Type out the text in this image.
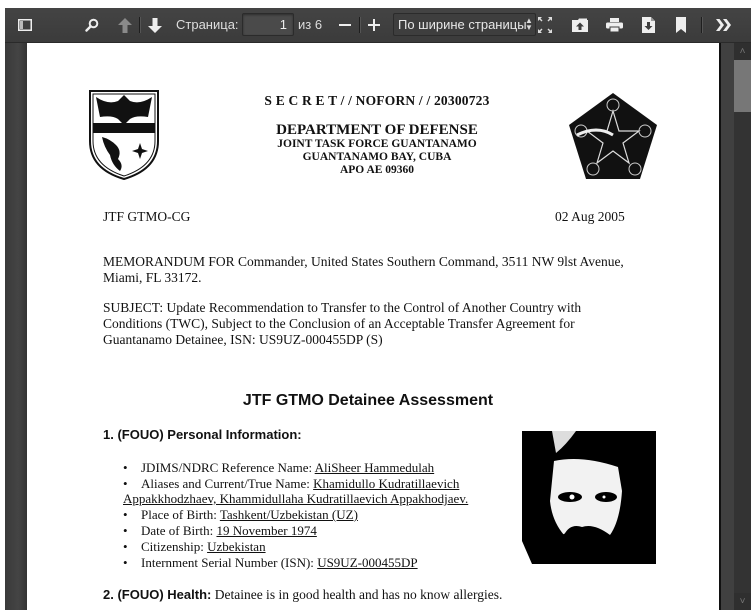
Страница:
1	из 6	По ширине страницы
▲
▼
S E C R E T / / NOFORN / / 20300723
DEPARTMENT OF DEFENSE
JOINT TASK FORCE GUANTANAMO
GUANTANAMO BAY, CUBA
APO AE 09360
JTF GTMO-CG	02 Aug 2005
MEMORANDUM FOR Commander, United States Southern Command, 3511 NW 9lst Avenue,
Miami, FL 33172.
SUBJECT: Update Recommendation to Transfer to the Control of Another Country with
Conditions (TWC), Subject to the Conclusion of an Acceptable Transfer Agreement for
Guantanamo Detainee, ISN: US9UZ-000455DP (S)
JTF GTMO Detainee Assessment
1. (FOUO) Personal Information:
• JDIMS/NDRC Reference Name: AliSheer Hammedulah
• Aliases and Current/True Name: Khamidullo Kudratillaevich
Appakkhodzhaev, Khammidullaha Kudratillaevich Appakhodjaev.
• Place of Birth: Tashkent/Uzbekistan (UZ)
• Date of Birth: 19 November 1974
• Citizenship: Uzbekistan
• Internment Serial Number (ISN): US9UZ-000455DP
2. (FOUO) Health: Detainee is in good health and has no know allergies.
˄
˅
